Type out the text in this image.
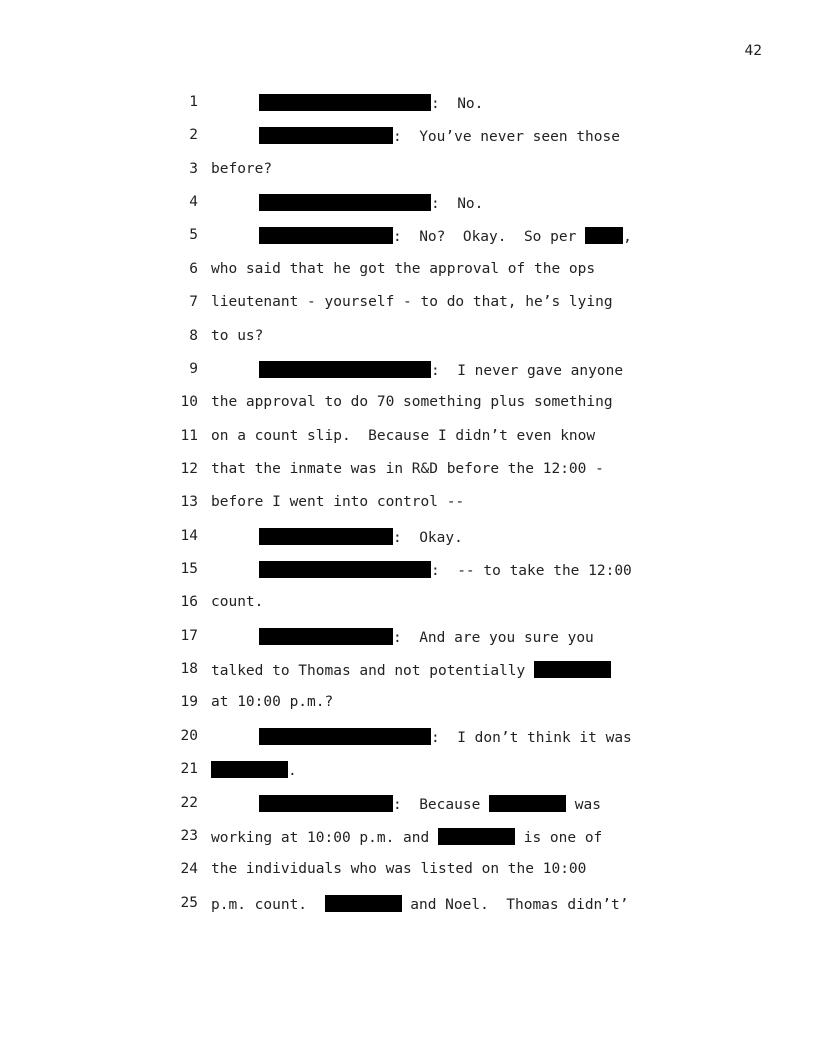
42
1	:  No.
2	:  You’ve never seen those
3 before?
4	:  No.
5	:  No?  Okay.  So per	,
6 who said that he got the approval of the ops
7 lieutenant - yourself - to do that, he’s lying
8 to us?
9	:  I never gave anyone
10 the approval to do 70 something plus something
11 on a count slip.  Because I didn’t even know
12 that the inmate was in R&D before the 12:00 -
13 before I went into control --
14	:  Okay.
15	:  -- to take the 12:00
16 count.
17	:  And are you sure you
18 talked to Thomas and not potentially
19 at 10:00 p.m.?
20	:  I don’t think it was
21	.
22	:  Because	was
23 working at 10:00 p.m. and	is one of
24 the individuals who was listed on the 10:00
25 p.m. count.	and Noel.  Thomas didn’t’
